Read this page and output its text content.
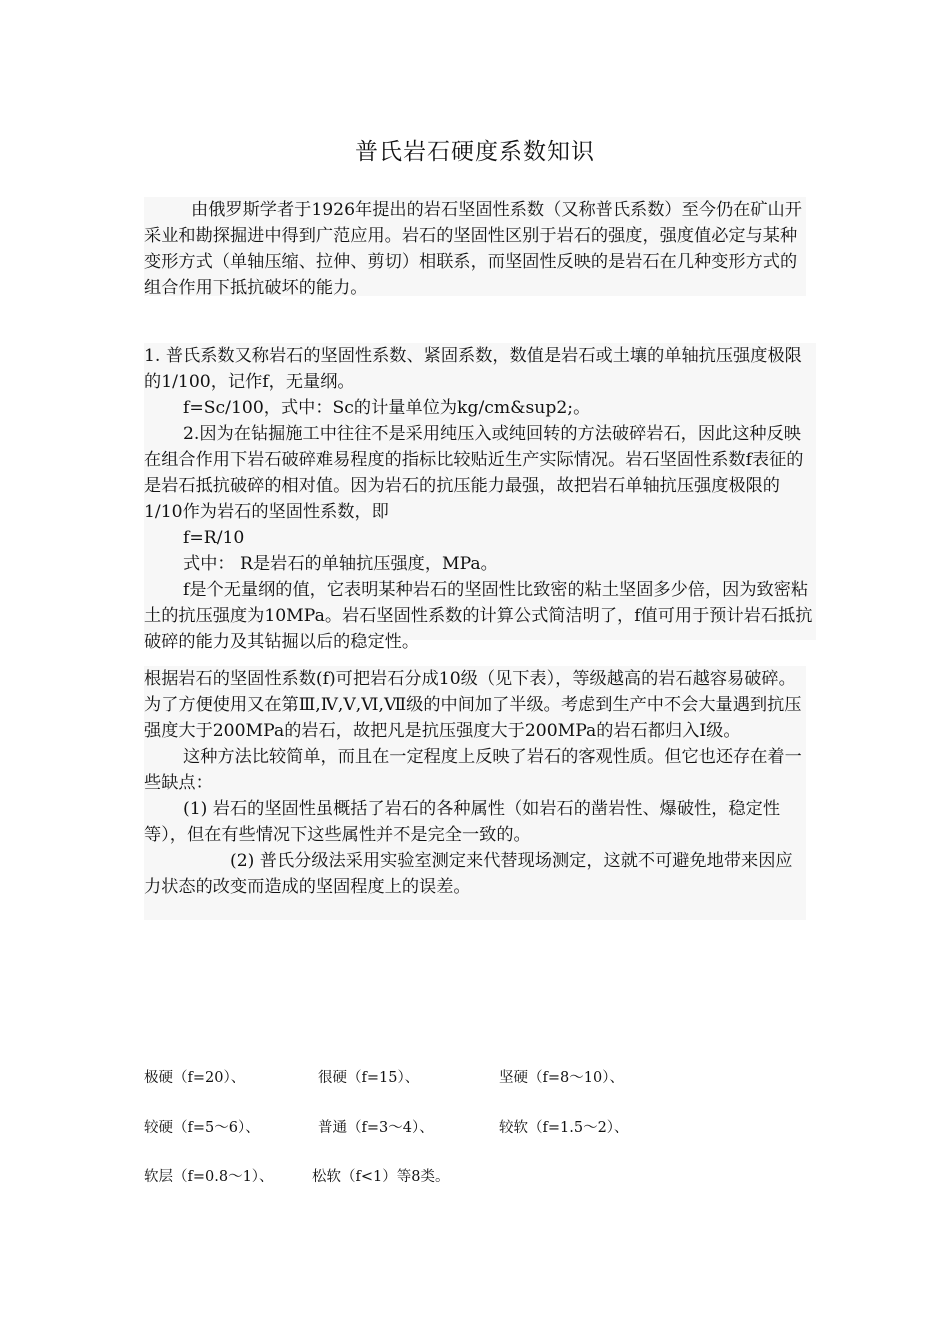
普氏岩石硬度系数知识

由俄罗斯学者于1926年提出的岩石坚固性系数（又称普氏系数）至今仍在矿山开采业和勘探掘进中得到广范应用。岩石的坚固性区别于岩石的强度，强度值必定与某种变形方式（单轴压缩、拉伸、剪切）相联系，而坚固性反映的是岩石在几种变形方式的组合作用下抵抗破坏的能力。

1. 普氏系数又称岩石的坚固性系数、紧固系数，数值是岩石或土壤的单轴抗压强度极限的1/100，记作f，无量纲。

f=Sc/100，式中：Sc的计量单位为kg/cm&sup2;。

2.因为在钻掘施工中往往不是采用纯压入或纯回转的方法破碎岩石，因此这种反映在组合作用下岩石破碎难易程度的指标比较贴近生产实际情况。岩石坚固性系数f表征的是岩石抵抗破碎的相对值。因为岩石的抗压能力最强，故把岩石单轴抗压强度极限的1/10作为岩石的坚固性系数，即

f=R/10

式中： R是岩石的单轴抗压强度，MPa。

f是个无量纲的值，它表明某种岩石的坚固性比致密的粘土坚固多少倍，因为致密粘土的抗压强度为10MPa。岩石坚固性系数的计算公式简洁明了，f值可用于预计岩石抵抗破碎的能力及其钻掘以后的稳定性。

根据岩石的坚固性系数(f)可把岩石分成10级（见下表），等级越高的岩石越容易破碎。为了方便使用又在第Ⅲ,Ⅳ,Ⅴ,Ⅵ,Ⅶ级的中间加了半级。考虑到生产中不会大量遇到抗压强度大于200MPa的岩石，故把凡是抗压强度大于200MPa的岩石都归入Ⅰ级。

这种方法比较简单，而且在一定程度上反映了岩石的客观性质。但它也还存在着一些缺点：

(1) 岩石的坚固性虽概括了岩石的各种属性（如岩石的凿岩性、爆破性，稳定性等），但在有些情况下这些属性并不是完全一致的。

(2) 普氏分级法采用实验室测定来代替现场测定，这就不可避免地带来因应力状态的改变而造成的坚固程度上的误差。

极硬（f=20）、	很硬（f=15）、	坚硬（f=8～10）、
较硬（f=5～6）、	普通（f=3～4）、	较软（f=1.5～2）、
软层（f=0.8～1）、	松软（f<1）等8类。
